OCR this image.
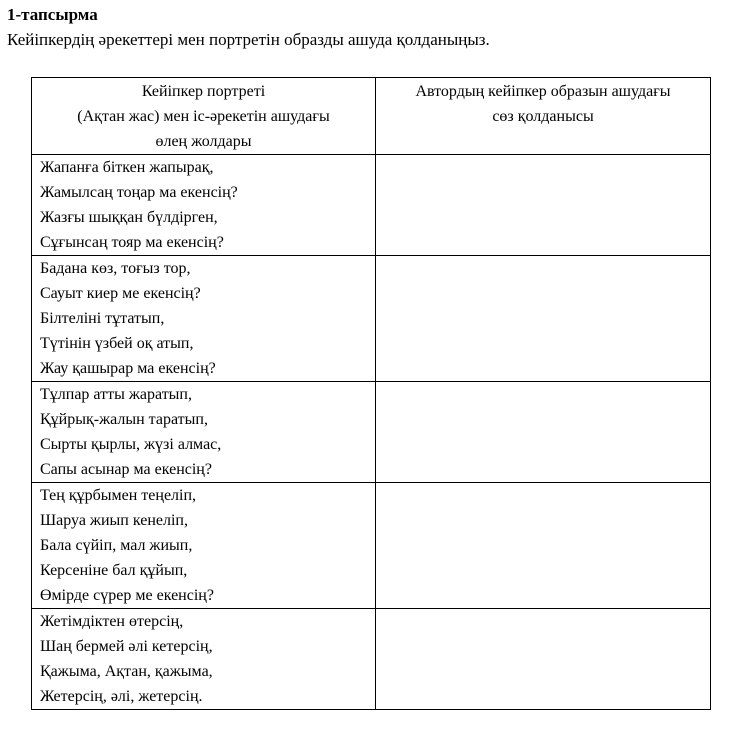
1-тапсырма
Кейіпкердің әрекеттері мен портретін образды ашуда қолданыңыз.
Кейіпкер портреті
(Ақтан жас) мен іс-әрекетін ашудағы
өлең жолдары	Автордың кейіпкер образын ашудағы
сөз қолданысы

Жапанға біткен жапырақ,
Жамылсаң тоңар ма екенсің?
Жазғы шыққан бүлдірген,
Сұғынсаң тояр ма екенсің?	

Бадана көз, тоғыз тор,
Сауыт киер ме екенсің?
Білтеліні тұтатып,
Түтінін үзбей оқ атып,
Жау қашырар ма екенсің?	

Тұлпар атты жаратып,
Құйрық-жалын таратып,
Сырты қырлы, жүзі алмас,
Сапы асынар ма екенсің?	

Тең құрбымен теңеліп,
Шаруа жиып кенеліп,
Бала сүйіп, мал жиып,
Керсеніне бал құйып,
Өмірде сүрер ме екенсің?	

Жетімдіктен өтерсің,
Шаң бермей әлі кетерсің,
Қажыма, Ақтан, қажыма,
Жетерсің, әлі, жетерсің.	
